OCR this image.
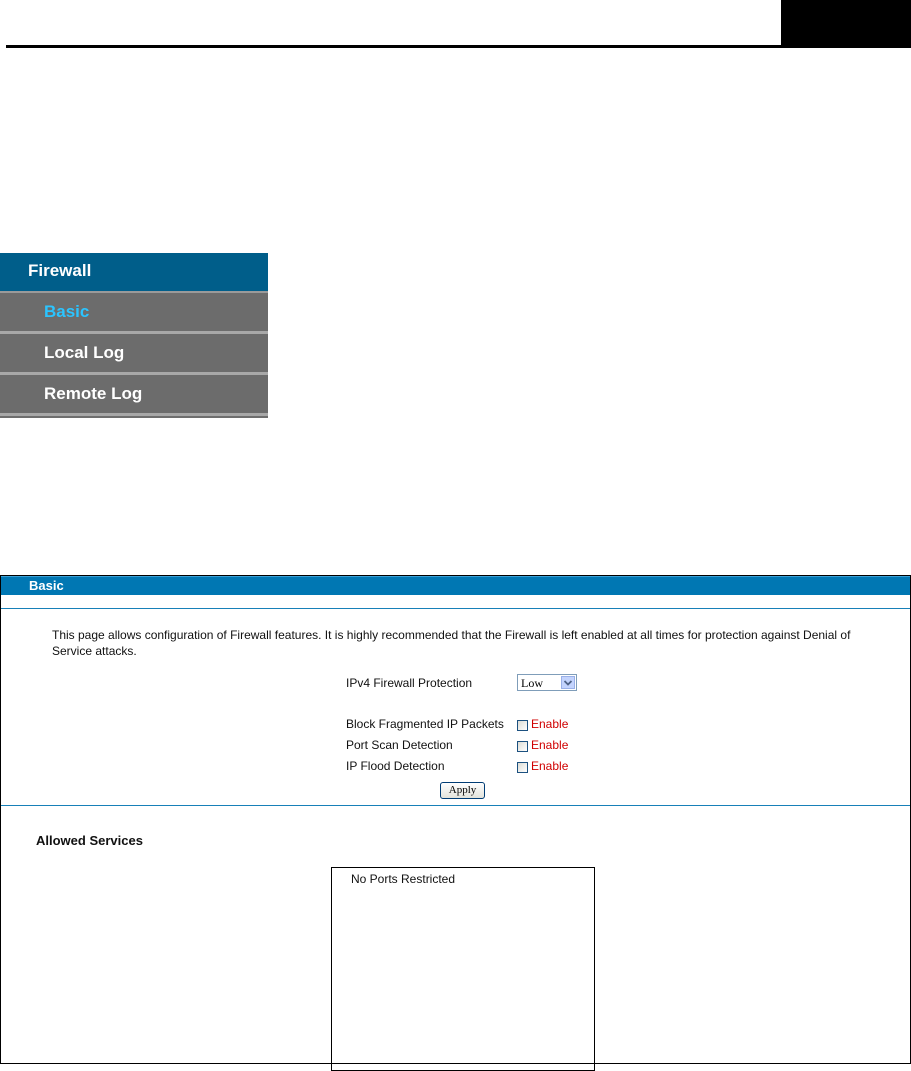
Firewall
Basic
Local Log
Remote Log
Basic
This page allows configuration of Firewall features. It is highly recommended that the Firewall is left enabled at all times for protection against Denial of Service attacks.
IPv4 Firewall Protection	Low
Block Fragmented IP Packets Enable
Port Scan Detection	Enable
IP Flood Detection	Enable
Apply
Allowed Services
No Ports Restricted
